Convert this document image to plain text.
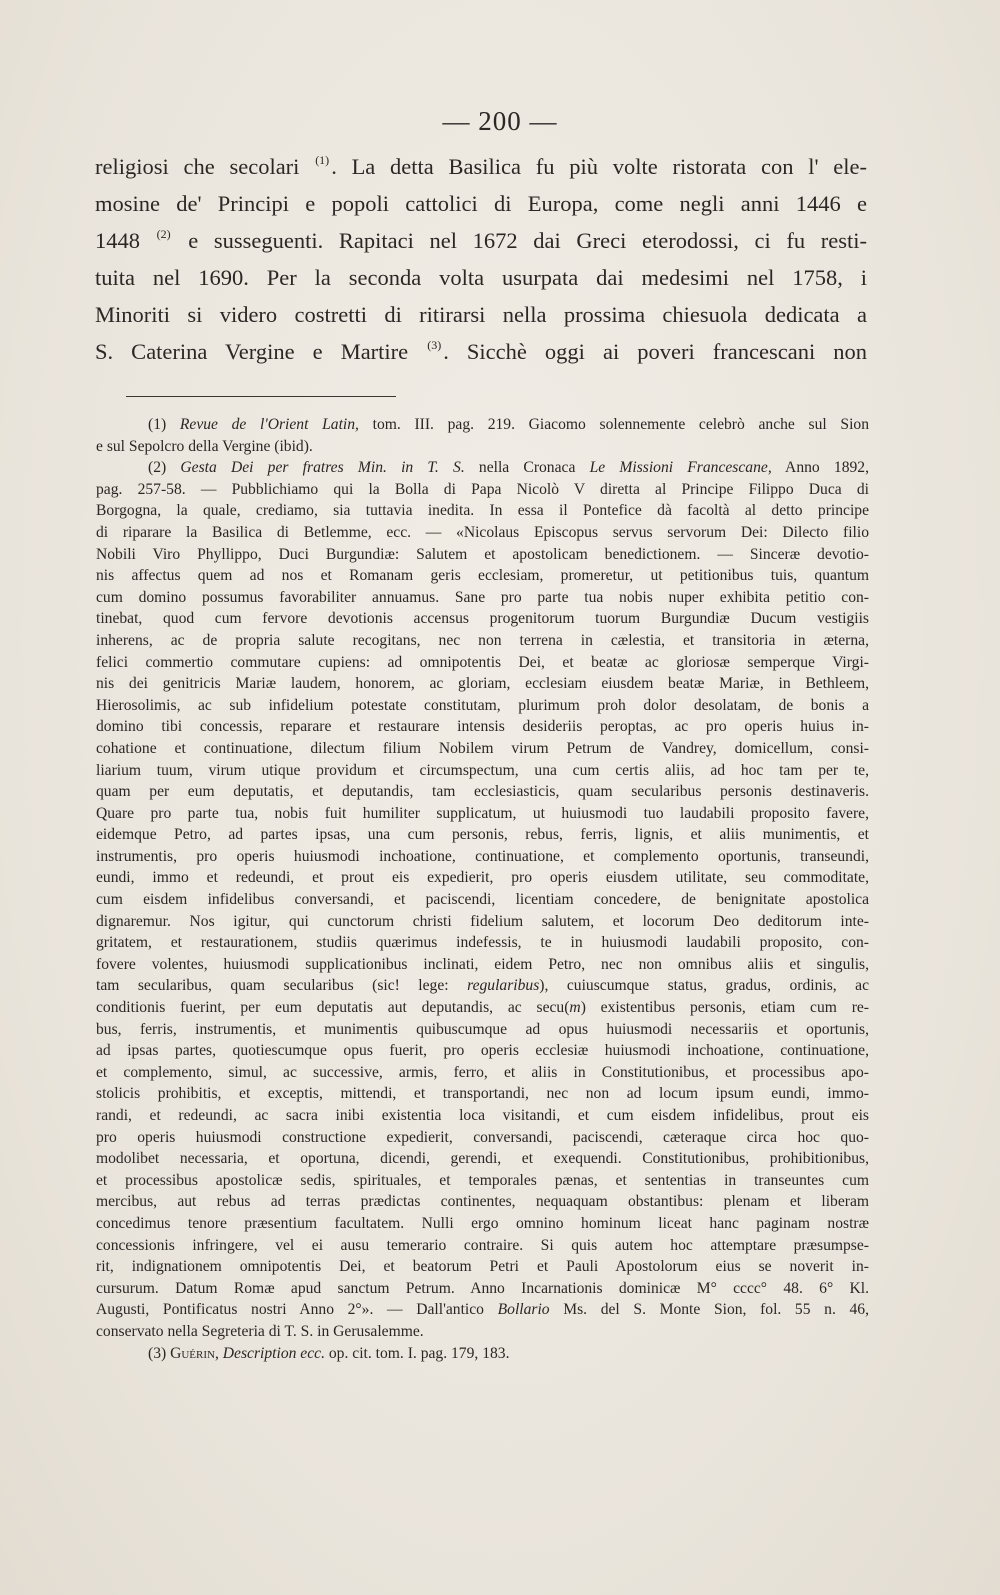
— 200 —
religiosi che secolari $^{(1)}$. La detta Basilica fu più volte ristorata con l' ele-
mosine de' Principi e popoli cattolici di Europa, come negli anni 1446 e
1448 $^{(2)}$ e susseguenti. Rapitaci nel 1672 dai Greci eterodossi, ci fu resti-
tuita nel 1690. Per la seconda volta usurpata dai medesimi nel 1758, i
Minoriti si videro costretti di ritirarsi nella prossima chiesuola dedicata a
S. Caterina Vergine e Martire $^{(3)}$. Sicchè oggi ai poveri francescani non
(1) Revue de l'Orient Latin, tom. III. pag. 219. Giacomo solennemente celebrò anche sul Sion
e sul Sepolcro della Vergine (ibid).
(2) Gesta Dei per fratres Min. in T. S. nella Cronaca Le Missioni Francescane, Anno 1892,
pag. 257-58. — Pubblichiamo qui la Bolla di Papa Nicolò V diretta al Principe Filippo Duca di
Borgogna, la quale, crediamo, sia tuttavia inedita. In essa il Pontefice dà facoltà al detto principe
di riparare la Basilica di Betlemme, ecc. — «Nicolaus Episcopus servus servorum Dei: Dilecto filio
Nobili Viro Phyllippo, Duci Burgundiæ: Salutem et apostolicam benedictionem. — Sinceræ devotio-
nis affectus quem ad nos et Romanam geris ecclesiam, promeretur, ut petitionibus tuis, quantum
cum domino possumus favorabiliter annuamus. Sane pro parte tua nobis nuper exhibita petitio con-
tinebat, quod cum fervore devotionis accensus progenitorum tuorum Burgundiæ Ducum vestigiis
inherens, ac de propria salute recogitans, nec non terrena in cælestia, et transitoria in æterna,
felici commertio commutare cupiens: ad omnipotentis Dei, et beatæ ac gloriosæ semperque Virgi-
nis dei genitricis Mariæ laudem, honorem, ac gloriam, ecclesiam eiusdem beatæ Mariæ, in Bethleem,
Hierosolimis, ac sub infidelium potestate constitutam, plurimum proh dolor desolatam, de bonis a
domino tibi concessis, reparare et restaurare intensis desideriis peroptas, ac pro operis huius in-
cohatione et continuatione, dilectum filium Nobilem virum Petrum de Vandrey, domicellum, consi-
liarium tuum, virum utique providum et circumspectum, una cum certis aliis, ad hoc tam per te,
quam per eum deputatis, et deputandis, tam ecclesiasticis, quam secularibus personis destinaveris.
Quare pro parte tua, nobis fuit humiliter supplicatum, ut huiusmodi tuo laudabili proposito favere,
eidemque Petro, ad partes ipsas, una cum personis, rebus, ferris, lignis, et aliis munimentis, et
instrumentis, pro operis huiusmodi inchoatione, continuatione, et complemento oportunis, transeundi,
eundi, immo et redeundi, et prout eis expedierit, pro operis eiusdem utilitate, seu commoditate,
cum eisdem infidelibus conversandi, et paciscendi, licentiam concedere, de benignitate apostolica
dignaremur. Nos igitur, qui cunctorum christi fidelium salutem, et locorum Deo deditorum inte-
gritatem, et restaurationem, studiis quærimus indefessis, te in huiusmodi laudabili proposito, con-
fovere volentes, huiusmodi supplicationibus inclinati, eidem Petro, nec non omnibus aliis et singulis,
tam secularibus, quam secularibus (sic! lege: regularibus), cuiuscumque status, gradus, ordinis, ac
conditionis fuerint, per eum deputatis aut deputandis, ac secu(m) existentibus personis, etiam cum re-
bus, ferris, instrumentis, et munimentis quibuscumque ad opus huiusmodi necessariis et oportunis,
ad ipsas partes, quotiescumque opus fuerit, pro operis ecclesiæ huiusmodi inchoatione, continuatione,
et complemento, simul, ac successive, armis, ferro, et aliis in Constitutionibus, et processibus apo-
stolicis prohibitis, et exceptis, mittendi, et transportandi, nec non ad locum ipsum eundi, immo-
randi, et redeundi, ac sacra inibi existentia loca visitandi, et cum eisdem infidelibus, prout eis
pro operis huiusmodi constructione expedierit, conversandi, paciscendi, cæteraque circa hoc quo-
modolibet necessaria, et oportuna, dicendi, gerendi, et exequendi. Constitutionibus, prohibitionibus,
et processibus apostolicæ sedis, spirituales, et temporales pænas, et sententias in transeuntes cum
mercibus, aut rebus ad terras prædictas continentes, nequaquam obstantibus: plenam et liberam
concedimus tenore præsentium facultatem. Nulli ergo omnino hominum liceat hanc paginam nostræ
concessionis infringere, vel ei ausu temerario contraire. Si quis autem hoc attemptare præsumpse-
rit, indignationem omnipotentis Dei, et beatorum Petri et Pauli Apostolorum eius se noverit in-
cursurum. Datum Romæ apud sanctum Petrum. Anno Incarnationis dominicæ M° cccc° 48. 6° Kl.
Augusti, Pontificatus nostri Anno 2°». — Dall'antico Bollario Ms. del S. Monte Sion, fol. 55 n. 46,
conservato nella Segreteria di T. S. in Gerusalemme.
(3) Guérin, Description ecc. op. cit. tom. I. pag. 179, 183.
